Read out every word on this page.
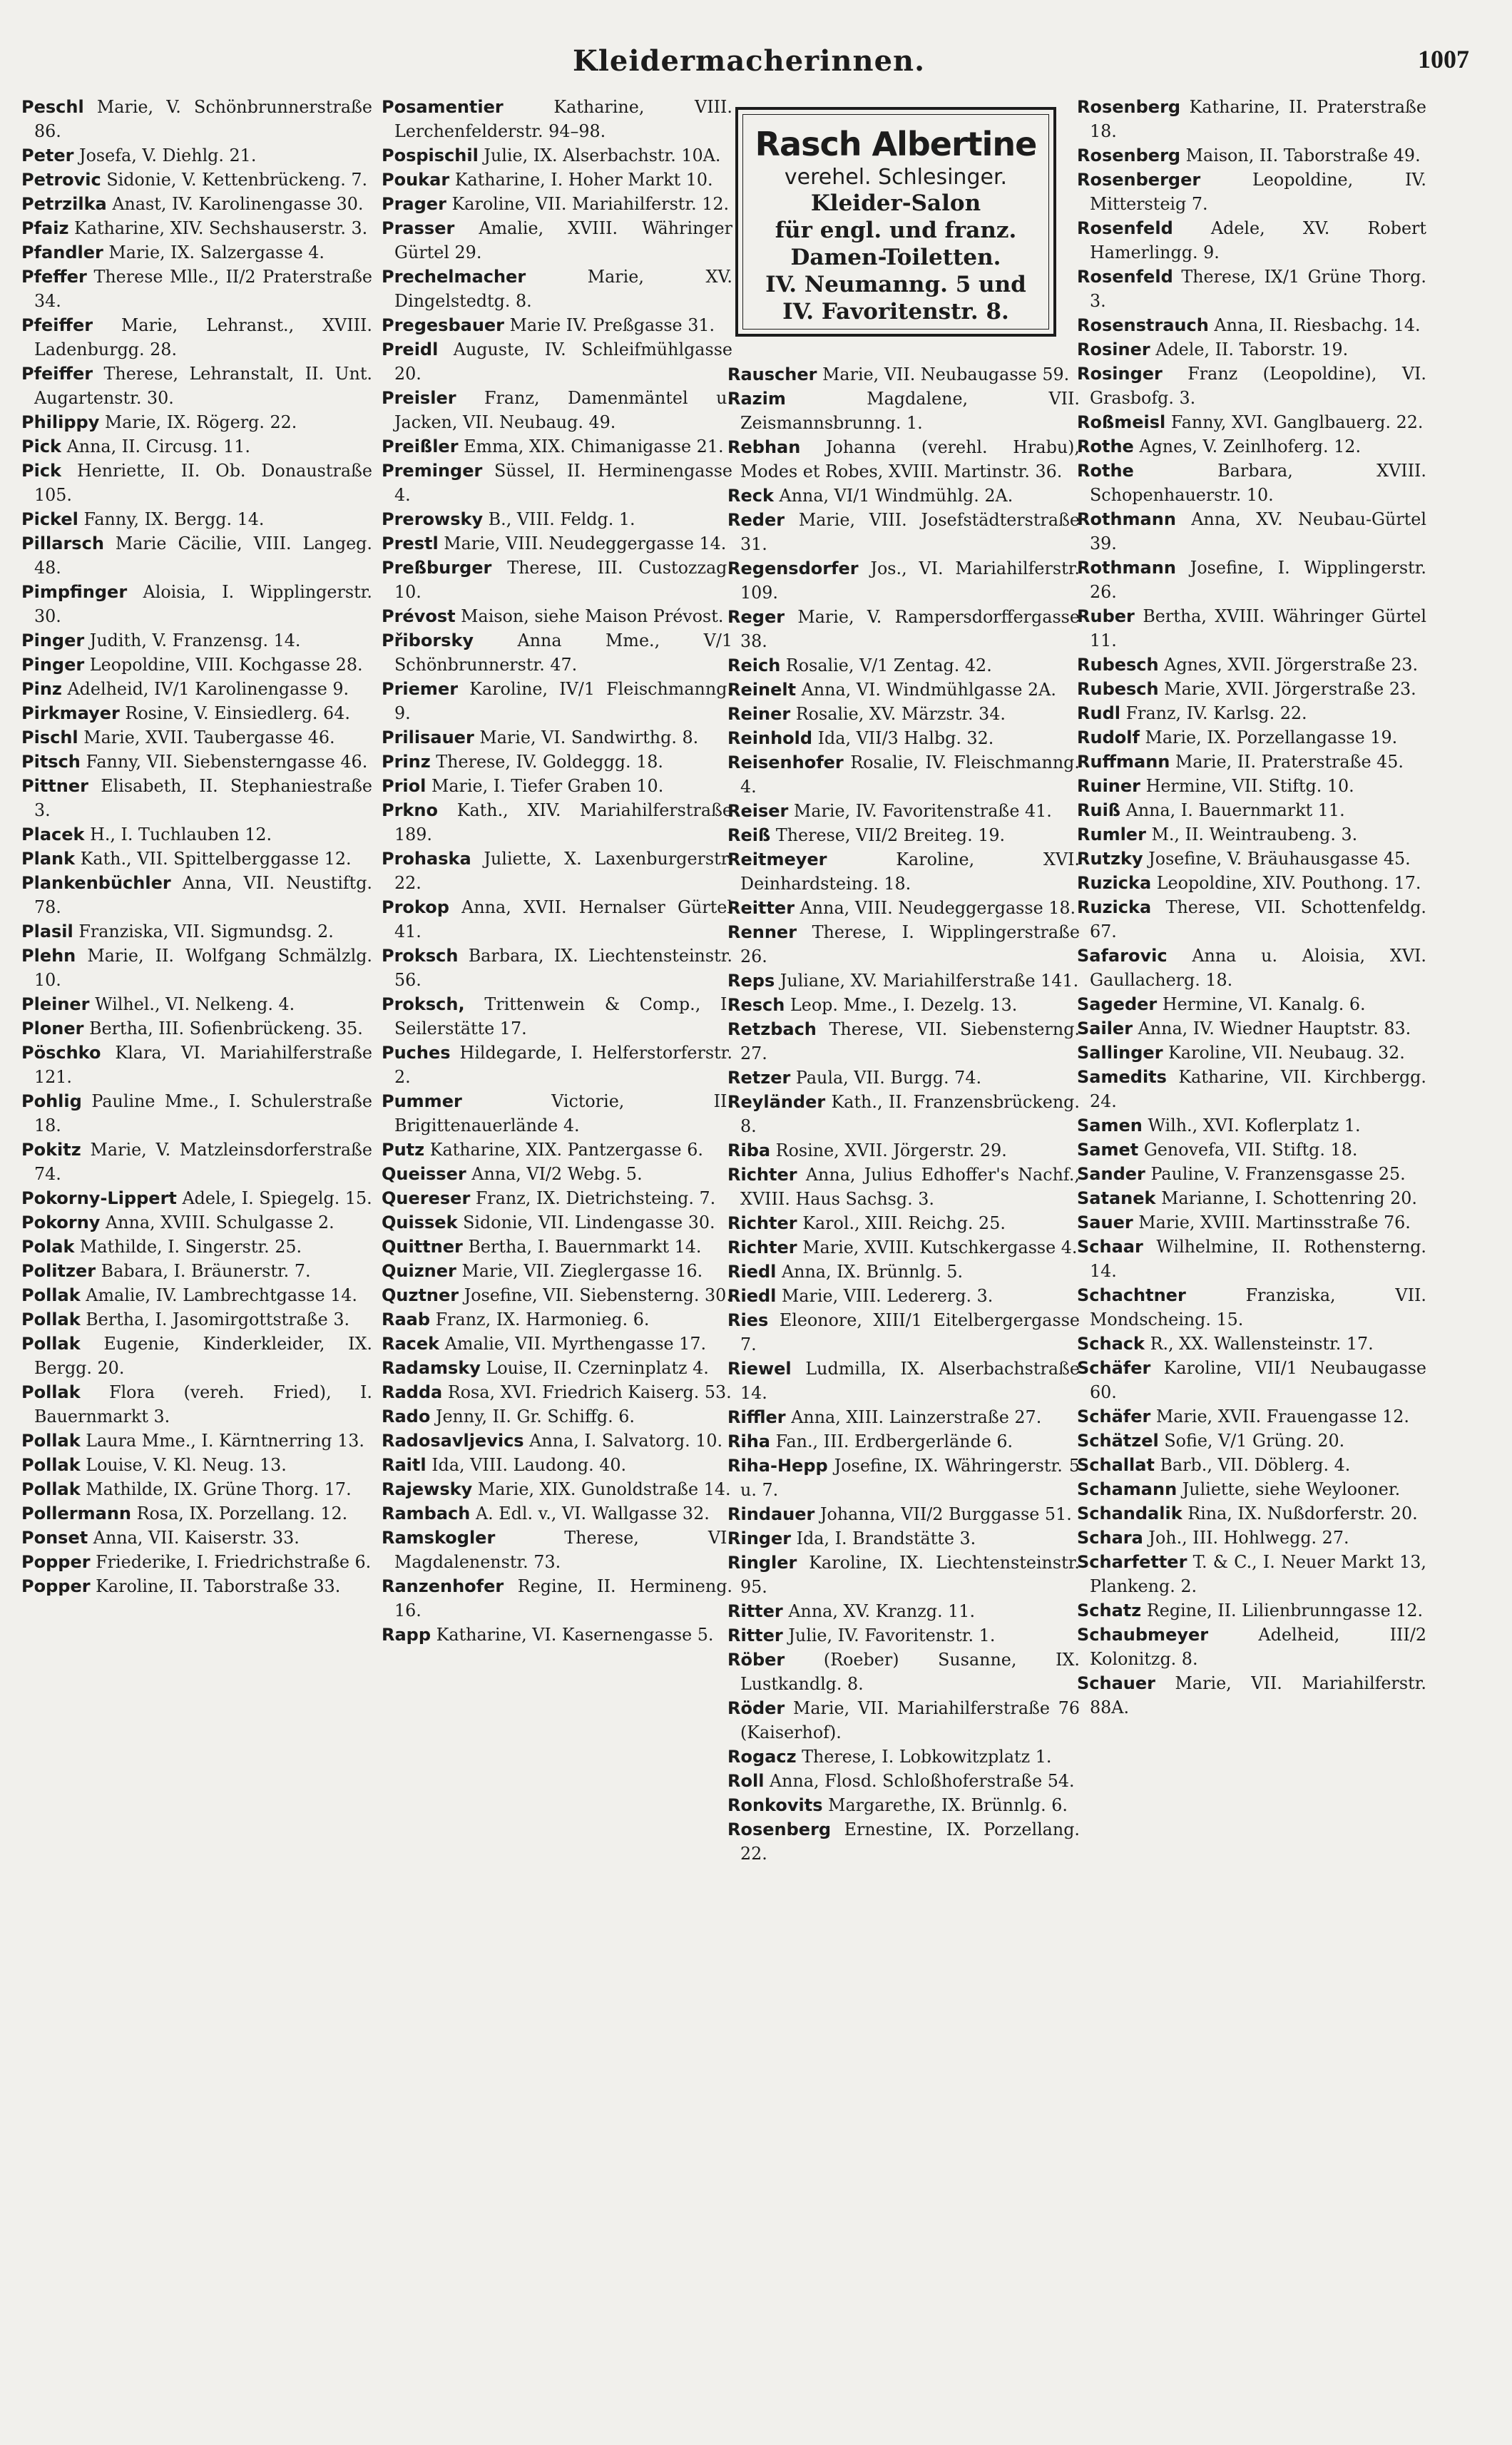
Kleidermacherinnen.	1007
Rasch Albertine
verehel. Schlesinger.
Kleider-Salon
für engl. und franz.
Damen-Toiletten.
IV. Neumanng. 5 und
IV. Favoritenstr. 8.

Peschl Marie, V. Schönbrunnerstraße 86.

Peter Josefa, V. Diehlg. 21.

Petrovic Sidonie, V. Kettenbrückeng. 7.

Petrzilka Anast, IV. Karolinengasse 30.

Pfaiz Katharine, XIV. Sechshauserstr. 3.

Pfandler Marie, IX. Salzergasse 4.

Pfeffer Therese Mlle., II/2 Praterstraße 34.

Pfeiffer Marie, Lehranst., XVIII. Ladenburgg. 28.

Pfeiffer Therese, Lehranstalt, II. Unt. Augartenstr. 30.

Philippy Marie, IX. Rögerg. 22.

Pick Anna, II. Circusg. 11.

Pick Henriette, II. Ob. Donaustraße 105.

Pickel Fanny, IX. Bergg. 14.

Pillarsch Marie Cäcilie, VIII. Langeg. 48.

Pimpfinger Aloisia, I. Wipplingerstr. 30.

Pinger Judith, V. Franzensg. 14.

Pinger Leopoldine, VIII. Kochgasse 28.

Pinz Adelheid, IV/1 Karolinengasse 9.

Pirkmayer Rosine, V. Einsiedlerg. 64.

Pischl Marie, XVII. Taubergasse 46.

Pitsch Fanny, VII. Siebensterngasse 46.

Pittner Elisabeth, II. Stephaniestraße 3.

Placek H., I. Tuchlauben 12.

Plank Kath., VII. Spittelberggasse 12.

Plankenbüchler Anna, VII. Neustiftg. 78.

Plasil Franziska, VII. Sigmundsg. 2.

Plehn Marie, II. Wolfgang Schmälzlg. 10.

Pleiner Wilhel., VI. Nelkeng. 4.

Ploner Bertha, III. Sofienbrückeng. 35.

Pöschko Klara, VI. Mariahilferstraße 121.

Pohlig Pauline Mme., I. Schulerstraße 18.

Pokitz Marie, V. Matzleinsdorferstraße 74.

Pokorny-Lippert Adele, I. Spiegelg. 15.

Pokorny Anna, XVIII. Schulgasse 2.

Polak Mathilde, I. Singerstr. 25.

Politzer Babara, I. Bräunerstr. 7.

Pollak Amalie, IV. Lambrechtgasse 14.

Pollak Bertha, I. Jasomirgottstraße 3.

Pollak Eugenie, Kinderkleider, IX. Bergg. 20.

Pollak Flora (vereh. Fried), I. Bauernmarkt 3.

Pollak Laura Mme., I. Kärntnerring 13.

Pollak Louise, V. Kl. Neug. 13.

Pollak Mathilde, IX. Grüne Thorg. 17.

Pollermann Rosa, IX. Porzellang. 12.

Ponset Anna, VII. Kaiserstr. 33.

Popper Friederike, I. Friedrichstraße 6.

Popper Karoline, II. Taborstraße 33.

Posamentier	Katharine, VIII. Lerchenfelderstr. 94–98.

Pospischil Julie, IX. Alserbachstr. 10A.

Poukar Katharine, I. Hoher Markt 10.

Prager Karoline, VII. Mariahilferstr. 12.

Prasser Amalie, XVIII. Währinger Gürtel 29.

Prechelmacher	Marie, XV. Dingelstedtg. 8.

Pregesbauer Marie IV. Preßgasse 31.

Preidl Auguste, IV. Schleifmühlgasse 20.

Preisler Franz, Damenmäntel u. Jacken, VII. Neubaug. 49.

Preißler Emma, XIX. Chimanigasse 21.

Preminger Süssel, II. Herminengasse 4.

Prerowsky B., VIII. Feldg. 1.

Prestl Marie, VIII. Neudeggergasse 14.

Preßburger Therese, III. Custozzag. 10.

Prévost Maison, siehe Maison Prévost.

Přiborsky	Anna Mme., V/1 Schönbrunnerstr. 47.

Priemer Karoline, IV/1 Fleischmanng. 9.

Prilisauer Marie, VI. Sandwirthg. 8.

Prinz Therese, IV. Goldeggg. 18.

Priol Marie, I. Tiefer Graben 10.

Prkno Kath., XIV. Mariahilferstraße 189.

Prohaska Juliette, X. Laxenburgerstr. 22.

Prokop Anna, XVII. Hernalser Gürtel 41.

Proksch Barbara, IX. Liechtensteinstr. 56.

Proksch, Trittenwein & Comp., I. Seilerstätte 17.

Puches Hildegarde, I. Helferstorferstr. 2.

Pummer	Victorie, II. Brigittenauerlände 4.

Putz Katharine, XIX. Pantzergasse 6.

Queisser Anna, VI/2 Webg. 5.

Quereser Franz, IX. Dietrichsteing. 7.

Quissek Sidonie, VII. Lindengasse 30.

Quittner Bertha, I. Bauernmarkt 14.

Quizner Marie, VII. Zieglergasse 16.

Quztner Josefine, VII. Siebensterng. 30.

Raab Franz, IX. Harmonieg. 6.

Racek Amalie, VII. Myrthengasse 17.

Radamsky Louise, II. Czerninplatz 4.

Radda Rosa, XVI. Friedrich Kaiserg. 53.

Rado Jenny, II. Gr. Schiffg. 6.

Radosavljevics Anna, I. Salvatorg. 10.

Raitl Ida, VIII. Laudong. 40.

Rajewsky Marie, XIX. Gunoldstraße 14.

Rambach A. Edl. v., VI. Wallgasse 32.

Ramskogler	Therese, VI. Magdalenenstr. 73.

Ranzenhofer Regine, II. Hermineng. 16.

Rapp Katharine, VI. Kasernengasse 5.

Rauscher Marie, VII. Neubaugasse 59.

Razim	Magdalene, VII. Zeismannsbrunng. 1.

Rebhan Johanna (verehl. Hrabu), Modes et Robes, XVIII. Martinstr. 36.

Reck Anna, VI/1 Windmühlg. 2A.

Reder Marie, VIII. Josefstädterstraße 31.

Regensdorfer Jos., VI. Mariahilferstr. 109.

Reger Marie, V. Rampersdorffergasse 38.

Reich Rosalie, V/1 Zentag. 42.

Reinelt Anna, VI. Windmühlgasse 2A.

Reiner Rosalie, XV. Märzstr. 34.

Reinhold Ida, VII/3 Halbg. 32.

Reisenhofer Rosalie, IV. Fleischmanng. 4.

Reiser Marie, IV. Favoritenstraße 41.

Reiß Therese, VII/2 Breiteg. 19.

Reitmeyer	Karoline, XVI. Deinhardsteing. 18.

Reitter Anna, VIII. Neudeggergasse 18.

Renner Therese, I. Wipplingerstraße 26.

Reps Juliane, XV. Mariahilferstraße 141.

Resch Leop. Mme., I. Dezelg. 13.

Retzbach Therese, VII. Siebensterng. 27.

Retzer Paula, VII. Burgg. 74.

Reyländer Kath., II. Franzensbrückeng. 8.

Riba Rosine, XVII. Jörgerstr. 29.

Richter Anna, Julius Edhoffer's Nachf., XVIII. Haus Sachsg. 3.

Richter Karol., XIII. Reichg. 25.

Richter Marie, XVIII. Kutschkergasse 4.

Riedl Anna, IX. Brünnlg. 5.

Riedl Marie, VIII. Ledererg. 3.

Ries Eleonore, XIII/1 Eitelbergergasse 7.

Riewel Ludmilla, IX. Alserbachstraße 14.

Riffler Anna, XIII. Lainzerstraße 27.

Riha Fan., III. Erdbergerlände 6.

Riha-Hepp Josefine, IX. Währingerstr. 5 u. 7.

Rindauer Johanna, VII/2 Burggasse 51.

Ringer Ida, I. Brandstätte 3.

Ringler Karoline, IX. Liechtensteinstr. 95.

Ritter Anna, XV. Kranzg. 11.

Ritter Julie, IV. Favoritenstr. 1.

Röber (Roeber) Susanne, IX. Lustkandlg. 8.

Röder Marie, VII. Mariahilferstraße 76 (Kaiserhof).

Rogacz Therese, I. Lobkowitzplatz 1.

Roll Anna, Flosd. Schloßhoferstraße 54.

Ronkovits Margarethe, IX. Brünnlg. 6.

Rosenberg Ernestine, IX. Porzellang. 22.

Rosenberg Katharine, II. Praterstraße 18.

Rosenberg Maison, II. Taborstraße 49.

Rosenberger	Leopoldine, IV. Mittersteig 7.

Rosenfeld Adele, XV. Robert Hamerlingg. 9.

Rosenfeld Therese, IX/1 Grüne Thorg. 3.

Rosenstrauch Anna, II. Riesbachg. 14.

Rosiner Adele, II. Taborstr. 19.

Rosinger Franz (Leopoldine), VI. Grasbofg. 3.

Roßmeisl Fanny, XVI. Ganglbauerg. 22.

Rothe Agnes, V. Zeinlhoferg. 12.

Rothe	Barbara, XVIII. Schopenhauerstr. 10.

Rothmann Anna, XV. Neubau-Gürtel 39.

Rothmann Josefine, I. Wipplingerstr. 26.

Ruber Bertha, XVIII. Währinger Gürtel 11.

Rubesch Agnes, XVII. Jörgerstraße 23.

Rubesch Marie, XVII. Jörgerstraße 23.

Rudl Franz, IV. Karlsg. 22.

Rudolf Marie, IX. Porzellangasse 19.

Ruffmann Marie, II. Praterstraße 45.

Ruiner Hermine, VII. Stiftg. 10.

Ruiß Anna, I. Bauernmarkt 11.

Rumler M., II. Weintraubeng. 3.

Rutzky Josefine, V. Bräuhausgasse 45.

Ruzicka Leopoldine, XIV. Pouthong. 17.

Ruzicka Therese, VII. Schottenfeldg. 67.

Safarovic Anna u. Aloisia, XVI. Gaullacherg. 18.

Sageder Hermine, VI. Kanalg. 6.

Sailer Anna, IV. Wiedner Hauptstr. 83.

Sallinger Karoline, VII. Neubaug. 32.

Samedits Katharine, VII. Kirchbergg. 24.

Samen Wilh., XVI. Koflerplatz 1.

Samet Genovefa, VII. Stiftg. 18.

Sander Pauline, V. Franzensgasse 25.

Satanek Marianne, I. Schottenring 20.

Sauer Marie, XVIII. Martinsstraße 76.

Schaar Wilhelmine, II. Rothensterng. 14.

Schachtner	Franziska, VII. Mondscheing. 15.

Schack R., XX. Wallensteinstr. 17.

Schäfer Karoline, VII/1 Neubaugasse 60.

Schäfer Marie, XVII. Frauengasse 12.

Schätzel Sofie, V/1 Grüng. 20.

Schallat Barb., VII. Döblerg. 4.

Schamann Juliette, siehe Weylooner.

Schandalik Rina, IX. Nußdorferstr. 20.

Schara Joh., III. Hohlwegg. 27.

Scharfetter T. & C., I. Neuer Markt 13, Plankeng. 2.

Schatz Regine, II. Lilienbrunngasse 12.

Schaubmeyer	Adelheid, III/2 Kolonitzg. 8.

Schauer Marie, VII. Mariahilferstr. 88A.
